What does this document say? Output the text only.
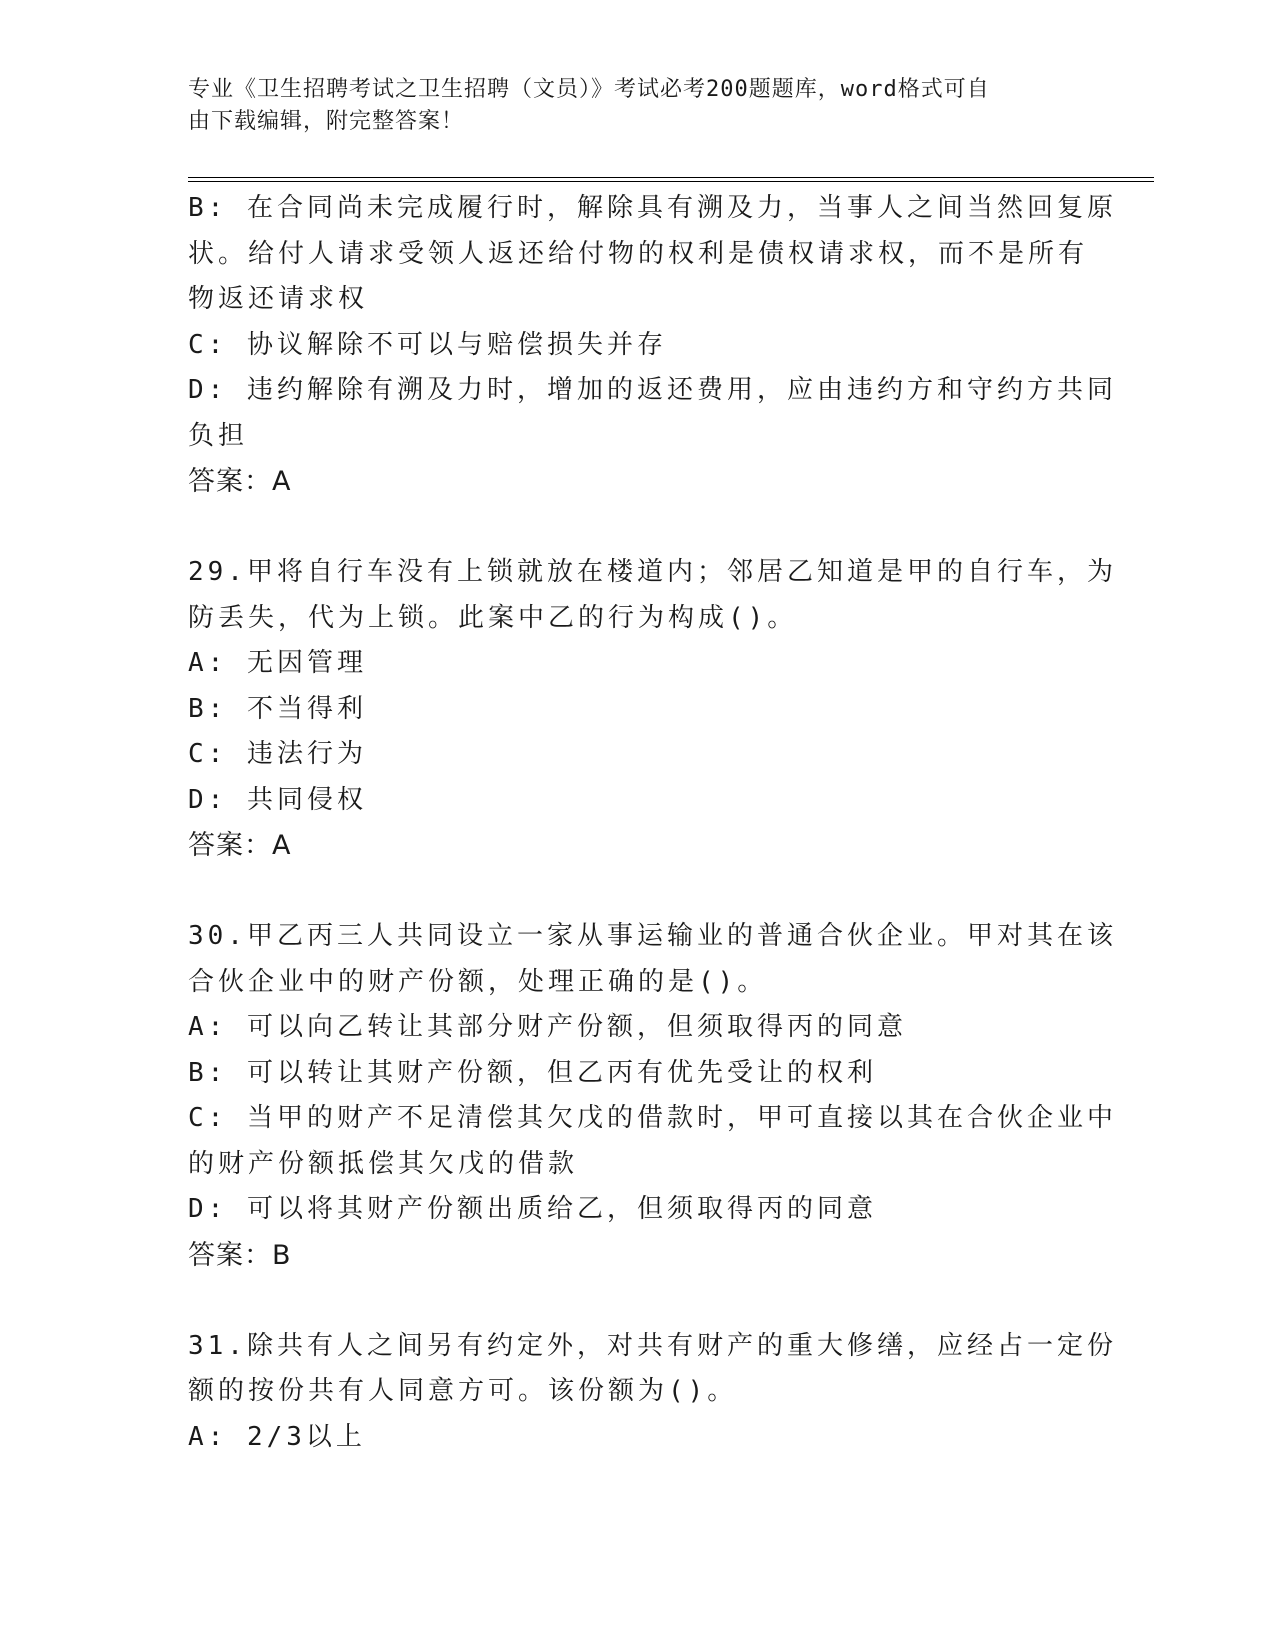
专业《卫生招聘考试之卫生招聘（文员）》考试必考200题题库，word格式可自
由下载编辑，附完整答案！
B: 在合同尚未完成履行时，解除具有溯及力，当事人之间当然回复原
状。给付人请求受领人返还给付物的权利是债权请求权，而不是所有
物返还请求权
C: 协议解除不可以与赔偿损失并存
D: 违约解除有溯及力时，增加的返还费用，应由违约方和守约方共同
负担
答案：A
29.甲将自行车没有上锁就放在楼道内；邻居乙知道是甲的自行车，为
防丢失，代为上锁。此案中乙的行为构成()。
A: 无因管理
B: 不当得利
C: 违法行为
D: 共同侵权
答案：A
30.甲乙丙三人共同设立一家从事运输业的普通合伙企业。甲对其在该
合伙企业中的财产份额，处理正确的是()。
A: 可以向乙转让其部分财产份额，但须取得丙的同意
B: 可以转让其财产份额，但乙丙有优先受让的权利
C: 当甲的财产不足清偿其欠戊的借款时，甲可直接以其在合伙企业中
的财产份额抵偿其欠戊的借款
D: 可以将其财产份额出质给乙，但须取得丙的同意
答案：B
31.除共有人之间另有约定外，对共有财产的重大修缮，应经占一定份
额的按份共有人同意方可。该份额为()。
A: 2/3以上
